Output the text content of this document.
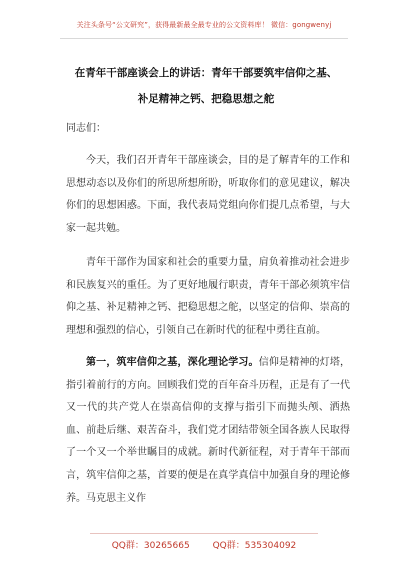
关注头条号“公文研究”，获得最新最全最专业的公文资料库！ 微信：gongwenyj
在青年干部座谈会上的讲话：青年干部要筑牢信仰之基、
补足精神之钙、把稳思想之舵

同志们：

今天，我们召开青年干部座谈会，目的是了解青年的工作和思想动态以及你们的所思所想所盼，听取你们的意见建议，解决你们的思想困惑。下面，我代表局党组向你们提几点希望，与大家一起共勉。

青年干部作为国家和社会的重要力量，肩负着推动社会进步和民族复兴的重任。为了更好地履行职责，青年干部必须筑牢信仰之基、补足精神之钙、把稳思想之舵，以坚定的信仰、崇高的理想和强烈的信心，引领自己在新时代的征程中勇往直前。

第一，筑牢信仰之基，深化理论学习。信仰是精神的灯塔，指引着前行的方向。回顾我们党的百年奋斗历程，正是有了一代又一代的共产党人在崇高信仰的支撑与指引下而抛头颅、洒热血、前赴后继、艰苦奋斗，我们党才团结带领全国各族人民取得了一个又一个举世瞩目的成就。新时代新征程，对于青年干部而言，筑牢信仰之基，首要的便是在真学真信中加强自身的理论修养。马克思主义作

QQ群：30265665	QQ群：535304092
